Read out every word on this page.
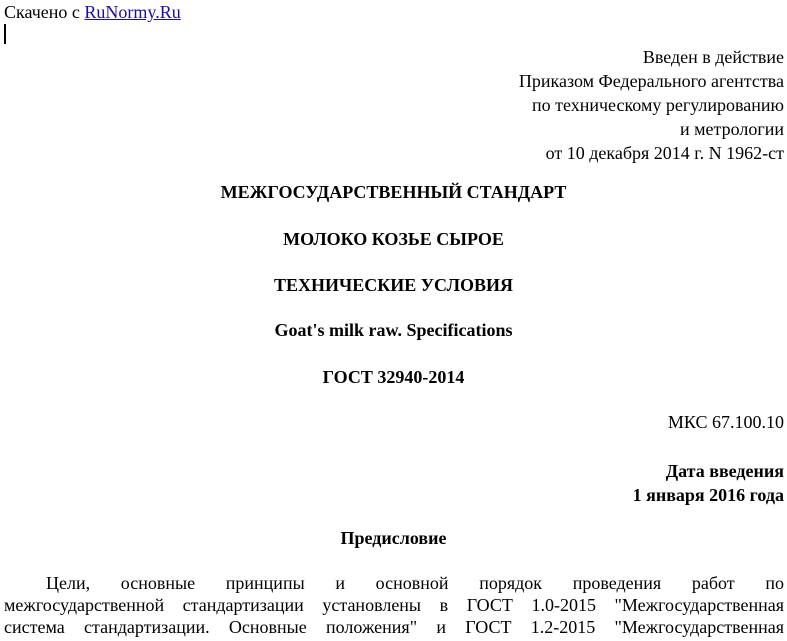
Скачено с RuNormy.Ru
Введен в действие
Приказом Федерального агентства
по техническому регулированию
и метрологии
от 10 декабря 2014 г. N 1962-ст
МЕЖГОСУДАРСТВЕННЫЙ СТАНДАРТ
МОЛОКО КОЗЬЕ СЫРОЕ
ТЕХНИЧЕСКИЕ УСЛОВИЯ
Goat's milk raw. Specifications
ГОСТ 32940-2014
МКС 67.100.10
Дата введения
1 января 2016 года
Предисловие
Цели, основные принципы и основной порядок проведения работ по
межгосударственной стандартизации установлены в ГОСТ 1.0-2015 "Межгосударственная
система стандартизации. Основные положения" и ГОСТ 1.2-2015 "Межгосударственная
